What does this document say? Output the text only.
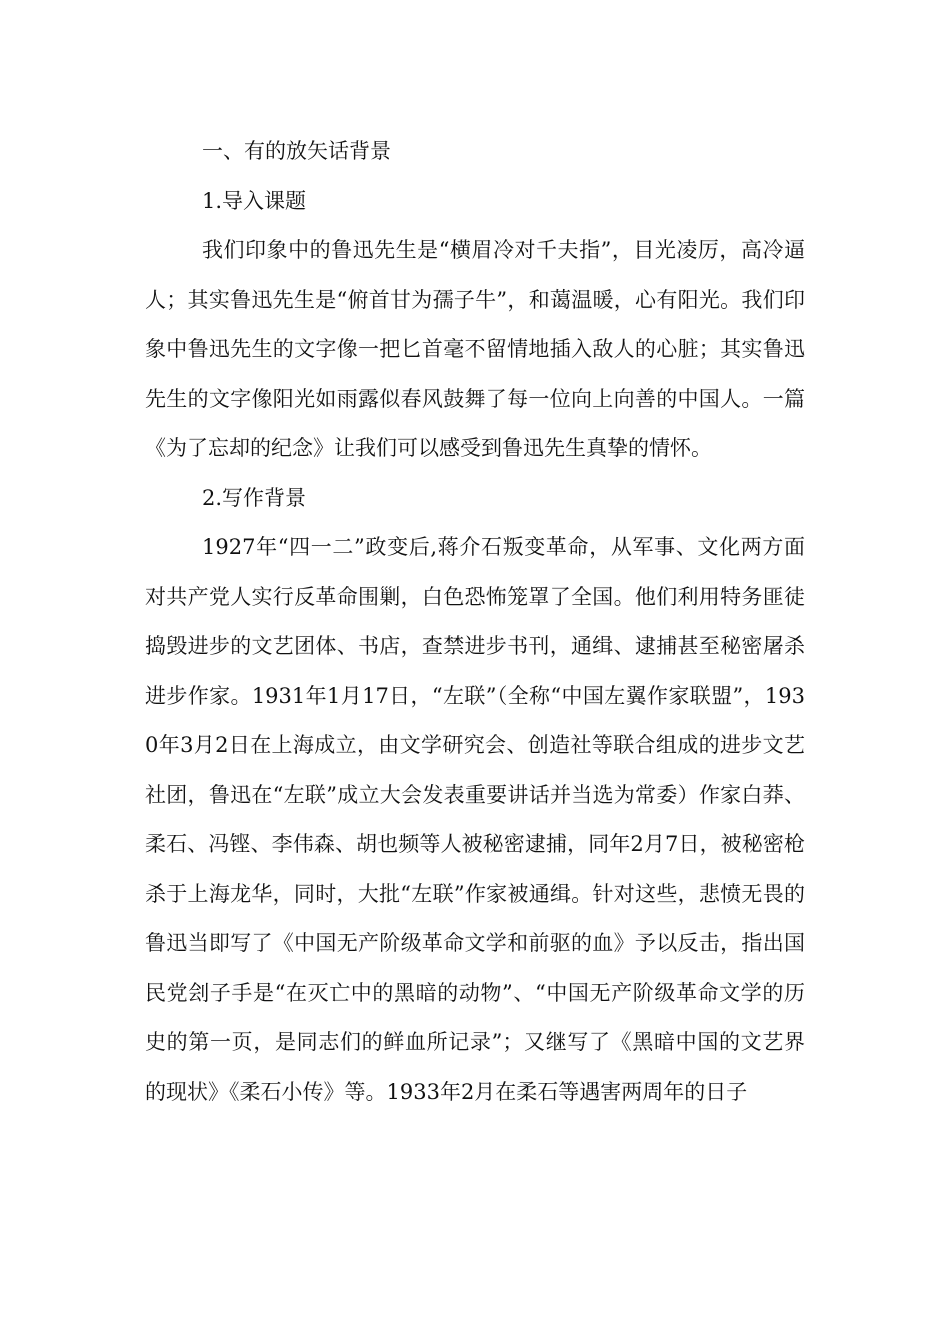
一、有的放矢话背景

1.导入课题

我们印象中的鲁迅先生是“横眉冷对千夫指”，目光凌厉，高冷逼人；其实鲁迅先生是“俯首甘为孺子牛”，和蔼温暖，心有阳光。我们印象中鲁迅先生的文字像一把匕首毫不留情地插入敌人的心脏；其实鲁迅先生的文字像阳光如雨露似春风鼓舞了每一位向上向善的中国人。一篇《为了忘却的纪念》让我们可以感受到鲁迅先生真挚的情怀。

2.写作背景

1927年“四一二”政变后,蒋介石叛变革命，从军事、文化两方面对共产党人实行反革命围剿，白色恐怖笼罩了全国。他们利用特务匪徒捣毁进步的文艺团体、书店，查禁进步书刊，通缉、逮捕甚至秘密屠杀进步作家。1931年1月17日，“左联”（全称“中国左翼作家联盟”，1930年3月2日在上海成立，由文学研究会、创造社等联合组成的进步文艺社团，鲁迅在“左联”成立大会发表重要讲话并当选为常委）作家白莽、柔石、冯铿、李伟森、胡也频等人被秘密逮捕，同年2月7日，被秘密枪杀于上海龙华，同时，大批“左联”作家被通缉。针对这些，悲愤无畏的鲁迅当即写了《中国无产阶级革命文学和前驱的血》予以反击，指出国民党刽子手是“在灭亡中的黑暗的动物”、“中国无产阶级革命文学的历史的第一页，是同志们的鲜血所记录”；又继写了《黑暗中国的文艺界的现状》《柔石小传》等。1933年2月在柔石等遇害两周年的日子
